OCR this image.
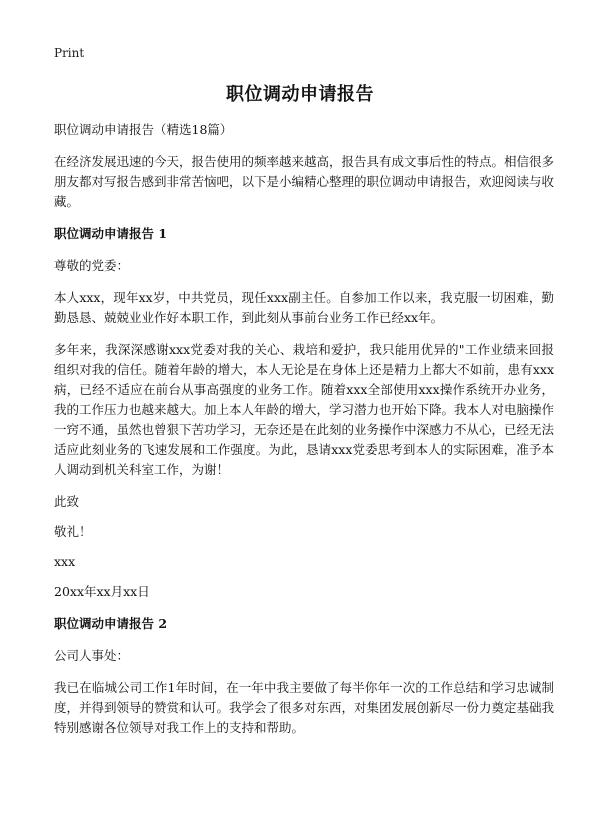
Print
职位调动申请报告

职位调动申请报告（精选18篇）

在经济发展迅速的今天，报告使用的频率越来越高，报告具有成文事后性的特点。相信很多朋友都对写报告感到非常苦恼吧，以下是小编精心整理的职位调动申请报告，欢迎阅读与收藏。

职位调动申请报告 1

尊敬的党委：

本人xxx，现年xx岁，中共党员，现任xxx副主任。自参加工作以来，我克服一切困难，勤勤恳恳、兢兢业业作好本职工作，到此刻从事前台业务工作已经xx年。

多年来，我深深感谢xxx党委对我的关心、栽培和爱护，我只能用优异的"工作业绩来回报组织对我的信任。随着年龄的增大，本人无论是在身体上还是精力上都大不如前，患有xxx病，已经不适应在前台从事高强度的业务工作。随着xxx全部使用xxx操作系统开办业务，我的工作压力也越来越大。加上本人年龄的增大，学习潜力也开始下降。我本人对电脑操作一窍不通，虽然也曾狠下苦功学习，无奈还是在此刻的业务操作中深感力不从心，已经无法适应此刻业务的飞速发展和工作强度。为此，恳请xxx党委思考到本人的实际困难，准予本人调动到机关科室工作，为谢！

此致

敬礼！

xxx

20xx年xx月xx日

职位调动申请报告 2

公司人事处：

我已在临城公司工作1年时间，在一年中我主要做了每半你年一次的工作总结和学习忠诚制度，并得到领导的赞赏和认可。我学会了很多对东西，对集团发展创新尽一份力奠定基础我特别感谢各位领导对我工作上的支持和帮助。
